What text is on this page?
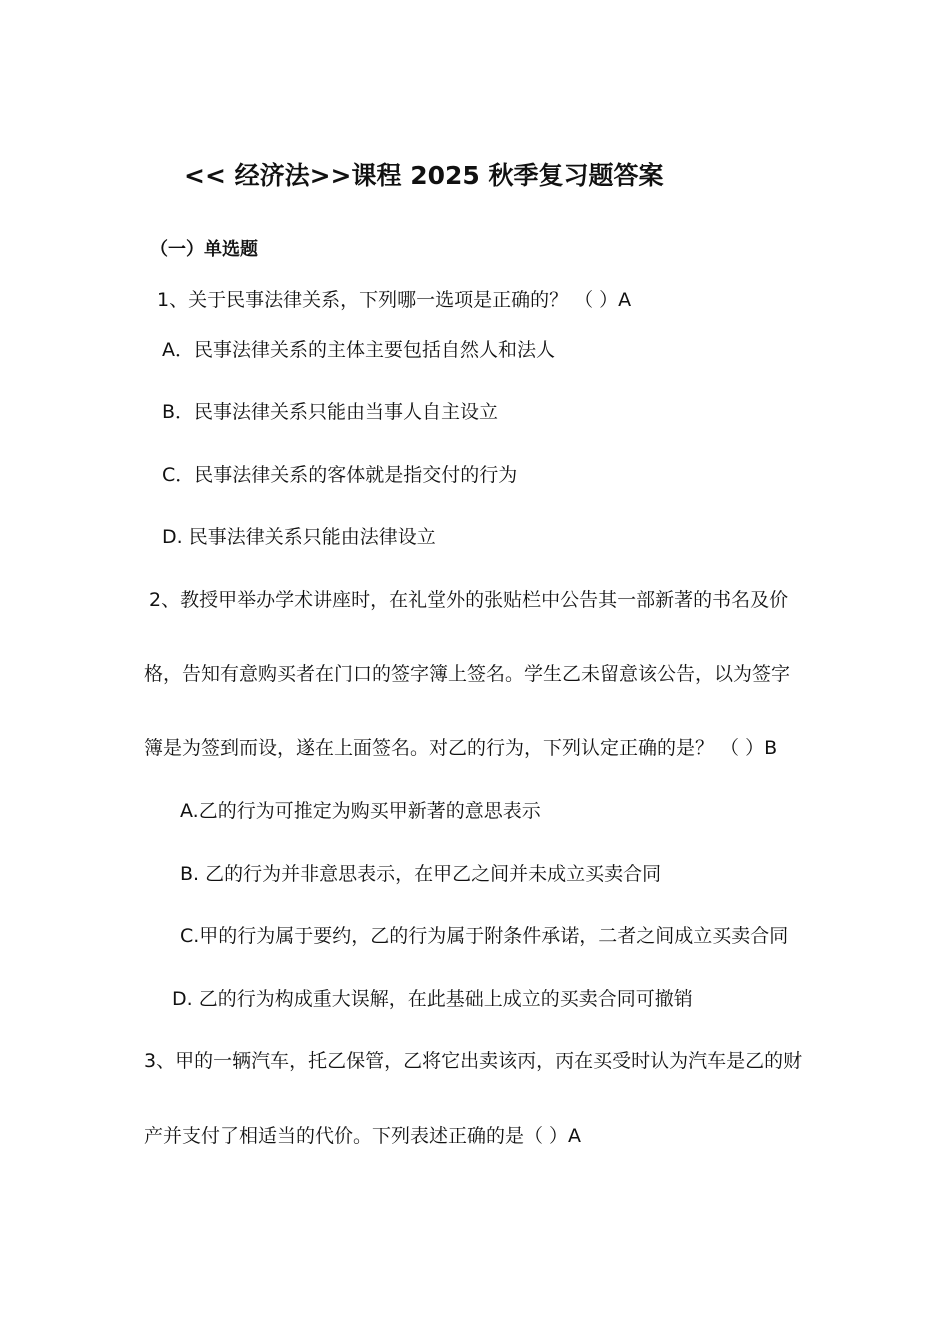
<< 经济法>>课程 2025 秋季复习题答案
（一）单选题
1、关于民事法律关系，下列哪一选项是正确的？ （ ）A
A．民事法律关系的主体主要包括自然人和法人
B．民事法律关系只能由当事人自主设立
C．民事法律关系的客体就是指交付的行为
D. 民事法律关系只能由法律设立
2、教授甲举办学术讲座时，在礼堂外的张贴栏中公告其一部新著的书名及价
格，告知有意购买者在门口的签字簿上签名。学生乙未留意该公告，以为签字
簿是为签到而设，遂在上面签名。对乙的行为，下列认定正确的是？ （ ）B
A.乙的行为可推定为购买甲新著的意思表示
B. 乙的行为并非意思表示，在甲乙之间并未成立买卖合同
C.甲的行为属于要约，乙的行为属于附条件承诺，二者之间成立买卖合同
D. 乙的行为构成重大误解，在此基础上成立的买卖合同可撤销
3、甲的一辆汽车，托乙保管，乙将它出卖该丙，丙在买受时认为汽车是乙的财
产并支付了相适当的代价。下列表述正确的是（ ）A
